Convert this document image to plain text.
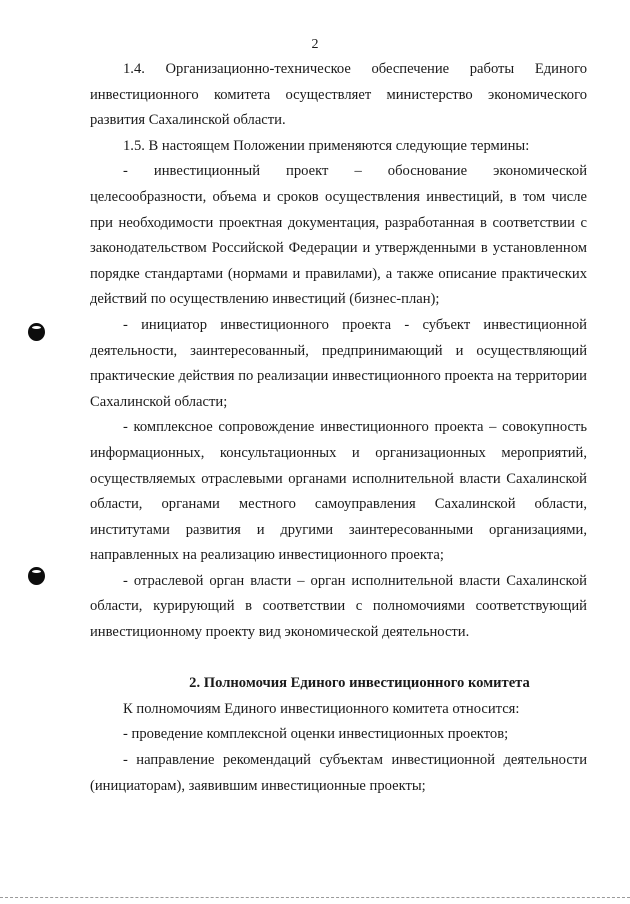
2
1.4. Организационно-техническое обеспечение работы Единого
инвестиционного комитета осуществляет министерство экономического
развития Сахалинской области.
1.5. В настоящем Положении применяются следующие термины:
- инвестиционный проект – обоснование экономической
целесообразности, объема и сроков осуществления инвестиций, в том числе
при необходимости проектная документация, разработанная в соответствии с
законодательством Российской Федерации и утвержденными в установленном
порядке стандартами (нормами и правилами), а также описание практических
действий по осуществлению инвестиций (бизнес-план);
- инициатор инвестиционного проекта - субъект инвестиционной
деятельности, заинтересованный, предпринимающий и осуществляющий
практические действия по реализации инвестиционного проекта на территории
Сахалинской области;
- комплексное сопровождение инвестиционного проекта – совокупность
информационных, консультационных и организационных мероприятий,
осуществляемых отраслевыми органами исполнительной власти Сахалинской
области, органами местного самоуправления Сахалинской области,
институтами развития и другими заинтересованными организациями,
направленных на реализацию инвестиционного проекта;
- отраслевой орган власти – орган исполнительной власти Сахалинской
области, курирующий в соответствии с полномочиями соответствующий
инвестиционному проекту вид экономической деятельности.
2. Полномочия Единого инвестиционного комитета
К полномочиям Единого инвестиционного комитета относится:
- проведение комплексной оценки инвестиционных проектов;
- направление рекомендаций субъектам инвестиционной деятельности
(инициаторам), заявившим инвестиционные проекты;
